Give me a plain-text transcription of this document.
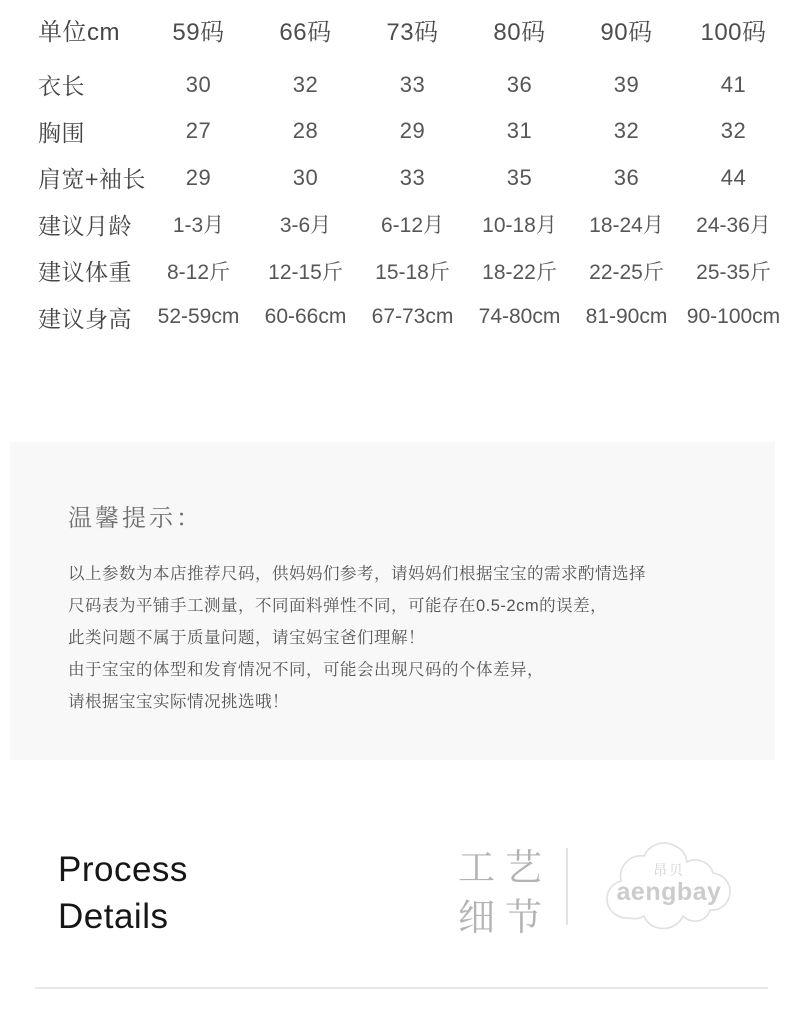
单位cm	59码	66码	73码	80码	90码	100码
衣长	30	32	33	36	39	41
胸围	27	28	29	31	32	32
肩宽+袖长	29	30	33	35	36	44
建议月龄	1-3月	3-6月	6-12月	10-18月	18-24月	24-36月
建议体重	8-12斤	12-15斤	15-18斤	18-22斤	22-25斤	25-35斤
建议身高	52-59cm	60-66cm	67-73cm	74-80cm	81-90cm 90-100cm
温馨提示：

以上参数为本店推荐尺码，供妈妈们参考，请妈妈们根据宝宝的需求酌情选择

尺码表为平铺手工测量，不同面料弹性不同，可能存在0.5-2cm的误差，

此类问题不属于质量问题，请宝妈宝爸们理解！

由于宝宝的体型和发育情况不同，可能会出现尺码的个体差异，

请根据宝宝实际情况挑选哦！

Process
Details
工艺
细节
昂贝
aengbay
